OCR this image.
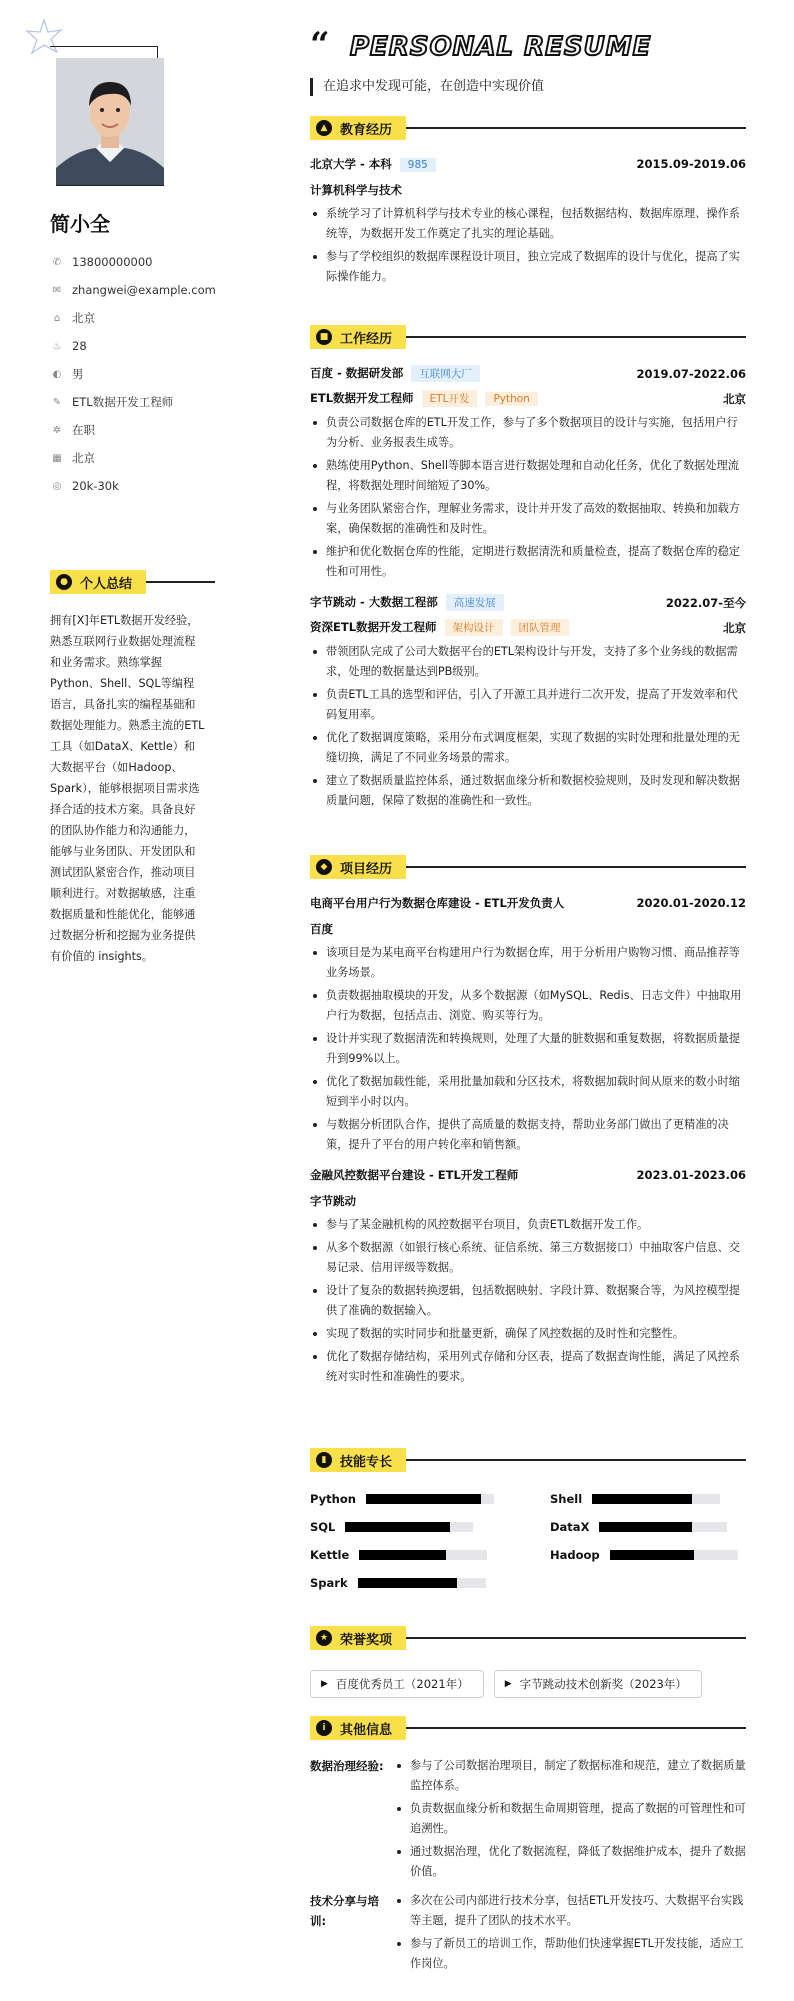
简小全
✆ 13800000000
✉ zhangwei@example.com
⌂	北京
♨ 28
◐ 男
✎ ETL数据开发工程师
✲ 在职
▦ 北京
◎ 20k-30k
● 个人总结
拥有[X]年ETL数据开发经验，熟悉互联网行业数据处理流程和业务需求。熟练掌握Python、Shell、SQL等编程语言，具备扎实的编程基础和数据处理能力。熟悉主流的ETL工具（如DataX、Kettle）和大数据平台（如Hadoop、Spark），能够根据项目需求选择合适的技术方案。具备良好的团队协作能力和沟通能力，能够与业务团队、开发团队和测试团队紧密合作，推动项目顺利进行。对数据敏感，注重数据质量和性能优化，能够通过数据分析和挖掘为业务提供有价值的 insights。
“ PERSONAL RESUME
在追求中发现可能，在创造中实现价值
▲ 教育经历
北京大学 - 本科 985	2015.09-2019.06
计算机科学与技术
系统学习了计算机科学与技术专业的核心课程，包括数据结构、数据库原理、操作系统等，为数据开发工作奠定了扎实的理论基础。
参与了学校组织的数据库课程设计项目，独立完成了数据库的设计与优化，提高了实际操作能力。
■ 工作经历
百度 - 数据研发部 互联网大厂	2019.07-2022.06
ETL数据开发工程师 ETL开发 Python	北京
负责公司数据仓库的ETL开发工作，参与了多个数据项目的设计与实施，包括用户行为分析、业务报表生成等。
熟练使用Python、Shell等脚本语言进行数据处理和自动化任务，优化了数据处理流程，将数据处理时间缩短了30%。
与业务团队紧密合作，理解业务需求，设计并开发了高效的数据抽取、转换和加载方案，确保数据的准确性和及时性。
维护和优化数据仓库的性能，定期进行数据清洗和质量检查，提高了数据仓库的稳定性和可用性。
字节跳动 - 大数据工程部 高速发展	2022.07-至今
资深ETL数据开发工程师 架构设计 团队管理	北京
带领团队完成了公司大数据平台的ETL架构设计与开发，支持了多个业务线的数据需求，处理的数据量达到PB级别。
负责ETL工具的选型和评估，引入了开源工具并进行二次开发，提高了开发效率和代码复用率。
优化了数据调度策略，采用分布式调度框架，实现了数据的实时处理和批量处理的无缝切换，满足了不同业务场景的需求。
建立了数据质量监控体系，通过数据血缘分析和数据校验规则，及时发现和解决数据质量问题，保障了数据的准确性和一致性。
◆ 项目经历
电商平台用户行为数据仓库建设 - ETL开发负责人	2020.01-2020.12
百度
该项目是为某电商平台构建用户行为数据仓库，用于分析用户购物习惯、商品推荐等业务场景。
负责数据抽取模块的开发，从多个数据源（如MySQL、Redis、日志文件）中抽取用户行为数据，包括点击、浏览、购买等行为。
设计并实现了数据清洗和转换规则，处理了大量的脏数据和重复数据，将数据质量提升到99%以上。
优化了数据加载性能，采用批量加载和分区技术，将数据加载时间从原来的数小时缩短到半小时以内。
与数据分析团队合作，提供了高质量的数据支持，帮助业务部门做出了更精准的决策，提升了平台的用户转化率和销售额。
金融风控数据平台建设 - ETL开发工程师	2023.01-2023.06
字节跳动
参与了某金融机构的风控数据平台项目，负责ETL数据开发工作。
从多个数据源（如银行核心系统、征信系统、第三方数据接口）中抽取客户信息、交易记录、信用评级等数据。
设计了复杂的数据转换逻辑，包括数据映射、字段计算、数据聚合等，为风控模型提供了准确的数据输入。
实现了数据的实时同步和批量更新，确保了风控数据的及时性和完整性。
优化了数据存储结构，采用列式存储和分区表，提高了数据查询性能，满足了风控系统对实时性和准确性的要求。
▮	技能专长
Python	Shell
SQL	DataX
Kettle	Hadoop
Spark
★ 荣誉奖项
▶ 百度优秀员工（2021年）	▶ 字节跳动技术创新奖（2023年）
i	其他信息
数据治理经验:	参与了公司数据治理项目，制定了数据标准和规范，建立了数据质量监控体系。
负责数据血缘分析和数据生命周期管理，提高了数据的可管理性和可追溯性。
通过数据治理，优化了数据流程，降低了数据维护成本，提升了数据价值。
技术分享与培训:
多次在公司内部进行技术分享，包括ETL开发技巧、大数据平台实践等主题，提升了团队的技术水平。
参与了新员工的培训工作，帮助他们快速掌握ETL开发技能，适应工作岗位。
